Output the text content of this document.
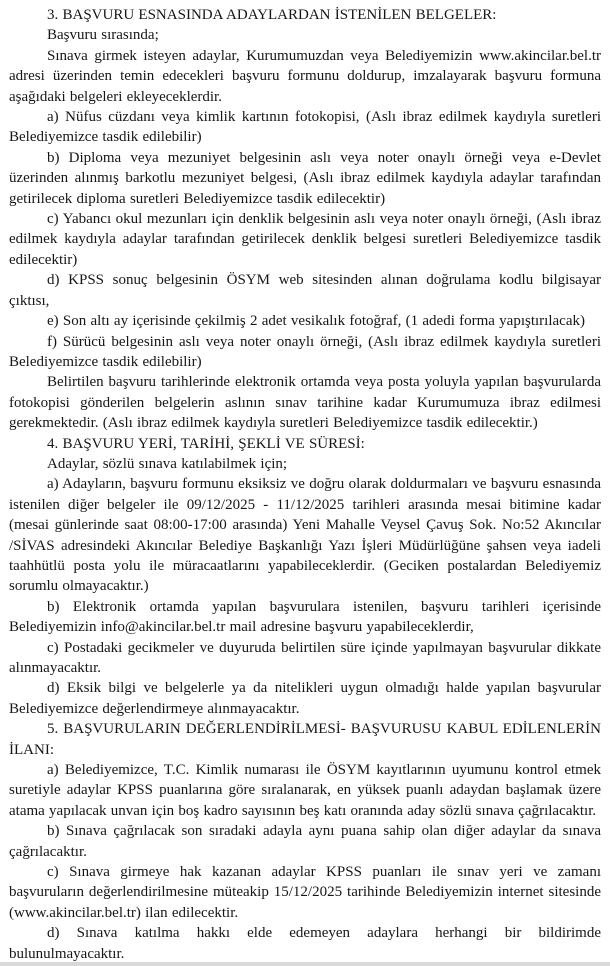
3. BAŞVURU ESNASINDA ADAYLARDAN İSTENİLEN BELGELER:

Başvuru sırasında;

Sınava girmek isteyen adaylar, Kurumumuzdan veya Belediyemizin www.akincilar.bel.tr adresi üzerinden temin edecekleri başvuru formunu doldurup, imzalayarak başvuru formuna aşağıdaki belgeleri ekleyeceklerdir.

a) Nüfus cüzdanı veya kimlik kartının fotokopisi, (Aslı ibraz edilmek kaydıyla suretleri Belediyemizce tasdik edilebilir)

b) Diploma veya mezuniyet belgesinin aslı veya noter onaylı örneği veya e-Devlet üzerinden alınmış barkotlu mezuniyet belgesi, (Aslı ibraz edilmek kaydıyla adaylar tarafından getirilecek diploma suretleri Belediyemizce tasdik edilecektir)

c) Yabancı okul mezunları için denklik belgesinin aslı veya noter onaylı örneği, (Aslı ibraz edilmek kaydıyla adaylar tarafından getirilecek denklik belgesi suretleri Belediyemizce tasdik edilecektir)

d) KPSS sonuç belgesinin ÖSYM web sitesinden alınan doğrulama kodlu bilgisayar çıktısı,

e) Son altı ay içerisinde çekilmiş 2 adet vesikalık fotoğraf, (1 adedi forma yapıştırılacak)

f) Sürücü belgesinin aslı veya noter onaylı örneği, (Aslı ibraz edilmek kaydıyla suretleri Belediyemizce tasdik edilebilir)

Belirtilen başvuru tarihlerinde elektronik ortamda veya posta yoluyla yapılan başvurularda fotokopisi gönderilen belgelerin aslının sınav tarihine kadar Kurumumuza ibraz edilmesi gerekmektedir. (Aslı ibraz edilmek kaydıyla suretleri Belediyemizce tasdik edilecektir.)

4. BAŞVURU YERİ, TARİHİ, ŞEKLİ VE SÜRESİ:

Adaylar, sözlü sınava katılabilmek için;

a) Adayların, başvuru formunu eksiksiz ve doğru olarak doldurmaları ve başvuru esnasında istenilen diğer belgeler ile 09/12/2025 - 11/12/2025 tarihleri arasında mesai bitimine kadar (mesai günlerinde saat 08:00-17:00 arasında) Yeni Mahalle Veysel Çavuş Sok. No:52 Akıncılar /SİVAS adresindeki Akıncılar Belediye Başkanlığı Yazı İşleri Müdürlüğüne şahsen veya iadeli taahhütlü posta yolu ile müracaatlarını yapabileceklerdir. (Geciken postalardan Belediyemiz sorumlu olmayacaktır.)

b) Elektronik ortamda yapılan başvurulara istenilen, başvuru tarihleri içerisinde Belediyemizin info@akincilar.bel.tr mail adresine başvuru yapabileceklerdir,

c) Postadaki gecikmeler ve duyuruda belirtilen süre içinde yapılmayan başvurular dikkate alınmayacaktır.

d) Eksik bilgi ve belgelerle ya da nitelikleri uygun olmadığı halde yapılan başvurular Belediyemizce değerlendirmeye alınmayacaktır.

5. BAŞVURULARIN DEĞERLENDİRİLMESİ- BAŞVURUSU KABUL EDİLENLERİN İLANI:

a) Belediyemizce, T.C. Kimlik numarası ile ÖSYM kayıtlarının uyumunu kontrol etmek suretiyle adaylar KPSS puanlarına göre sıralanarak, en yüksek puanlı adaydan başlamak üzere atama yapılacak unvan için boş kadro sayısının beş katı oranında aday sözlü sınava çağrılacaktır.

b) Sınava çağrılacak son sıradaki adayla aynı puana sahip olan diğer adaylar da sınava çağrılacaktır.

c) Sınava girmeye hak kazanan adaylar KPSS puanları ile sınav yeri ve zamanı başvuruların değerlendirilmesine müteakip 15/12/2025 tarihinde Belediyemizin internet sitesinde (www.akincilar.bel.tr) ilan edilecektir.

d) Sınava katılma hakkı elde edemeyen adaylara herhangi bir bildirimde bulunulmayacaktır.
